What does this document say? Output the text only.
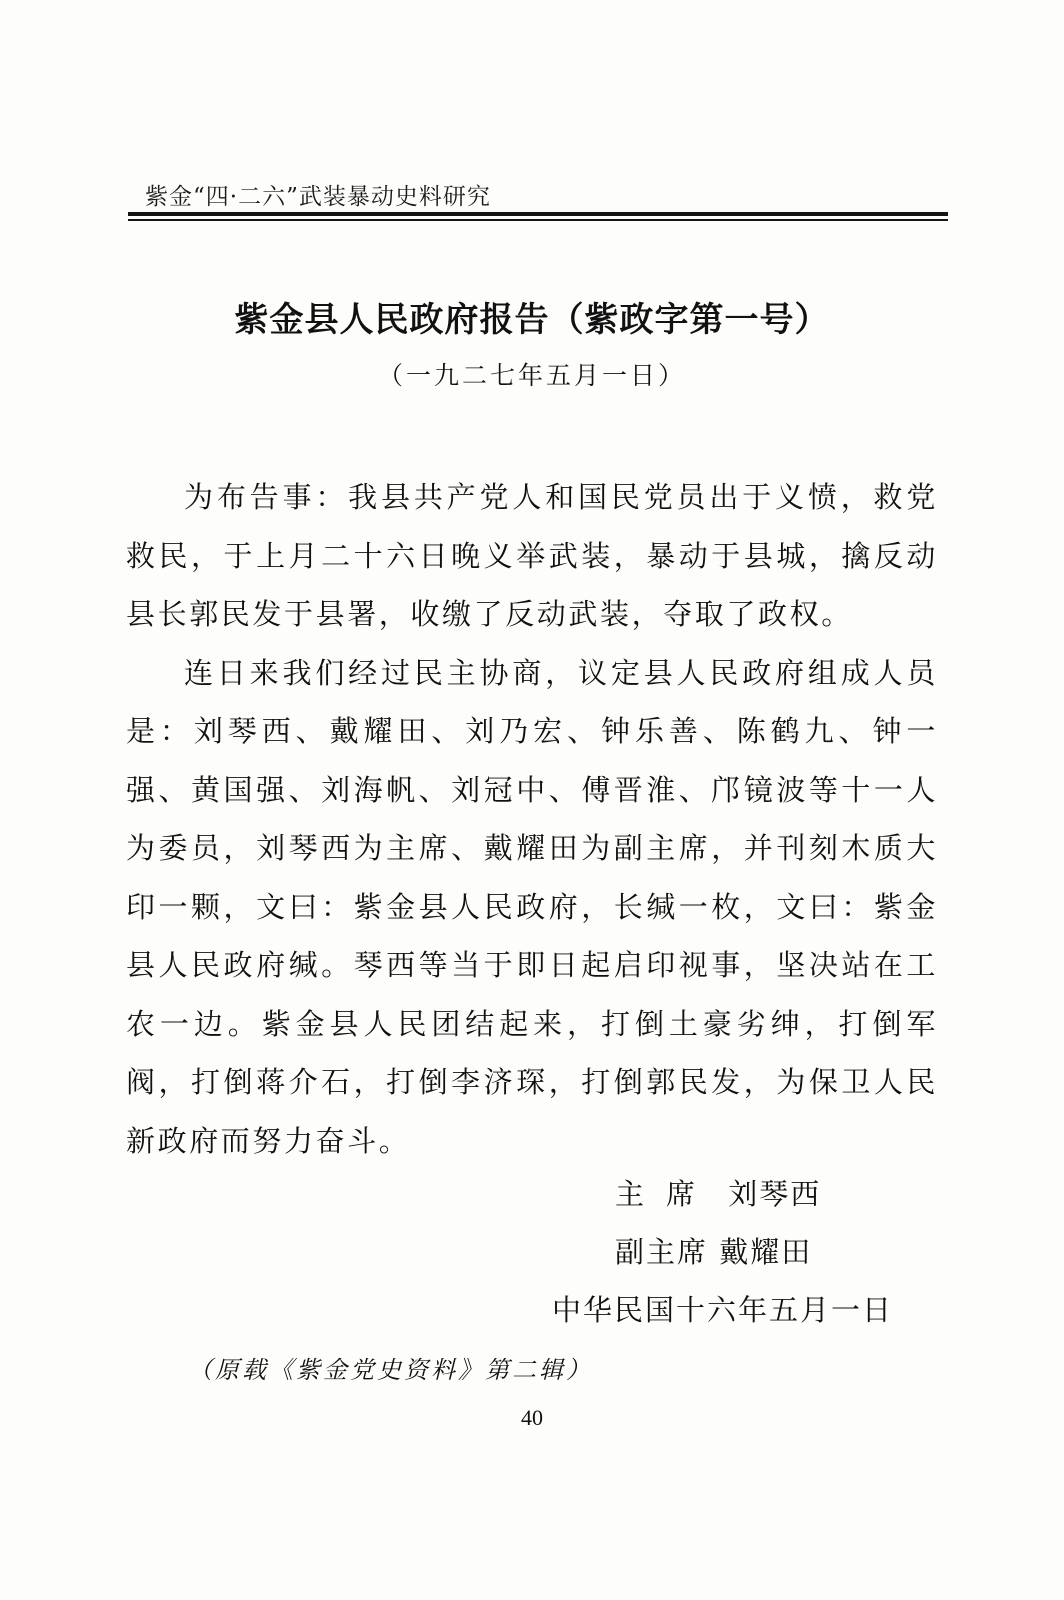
紫金“四·二六”武装暴动史料研究
紫金县人民政府报告（紫政字第一号）
（一九二七年五月一日）

为布告事：我县共产党人和国民党员出于义愤，救党救民，于上月二十六日晚义举武装，暴动于县城，擒反动县长郭民发于县署，收缴了反动武装，夺取了政权。

连日来我们经过民主协商，议定县人民政府组成人员是：刘琴西、戴耀田、刘乃宏、钟乐善、陈鹤九、钟一强、黄国强、刘海帆、刘冠中、傅晋淮、邝镜波等十一人为委员，刘琴西为主席、戴耀田为副主席，并刊刻木质大印一颗，文曰：紫金县人民政府，长缄一枚，文曰：紫金县人民政府缄。琴西等当于即日起启印视事，坚决站在工农一边。紫金县人民团结起来，打倒土豪劣绅，打倒军阀，打倒蒋介石，打倒李济琛，打倒郭民发，为保卫人民新政府而努力奋斗。

主席 刘琴西
副主席 戴耀田
中华民国十六年五月一日
（原载《紫金党史资料》第二辑）
40
